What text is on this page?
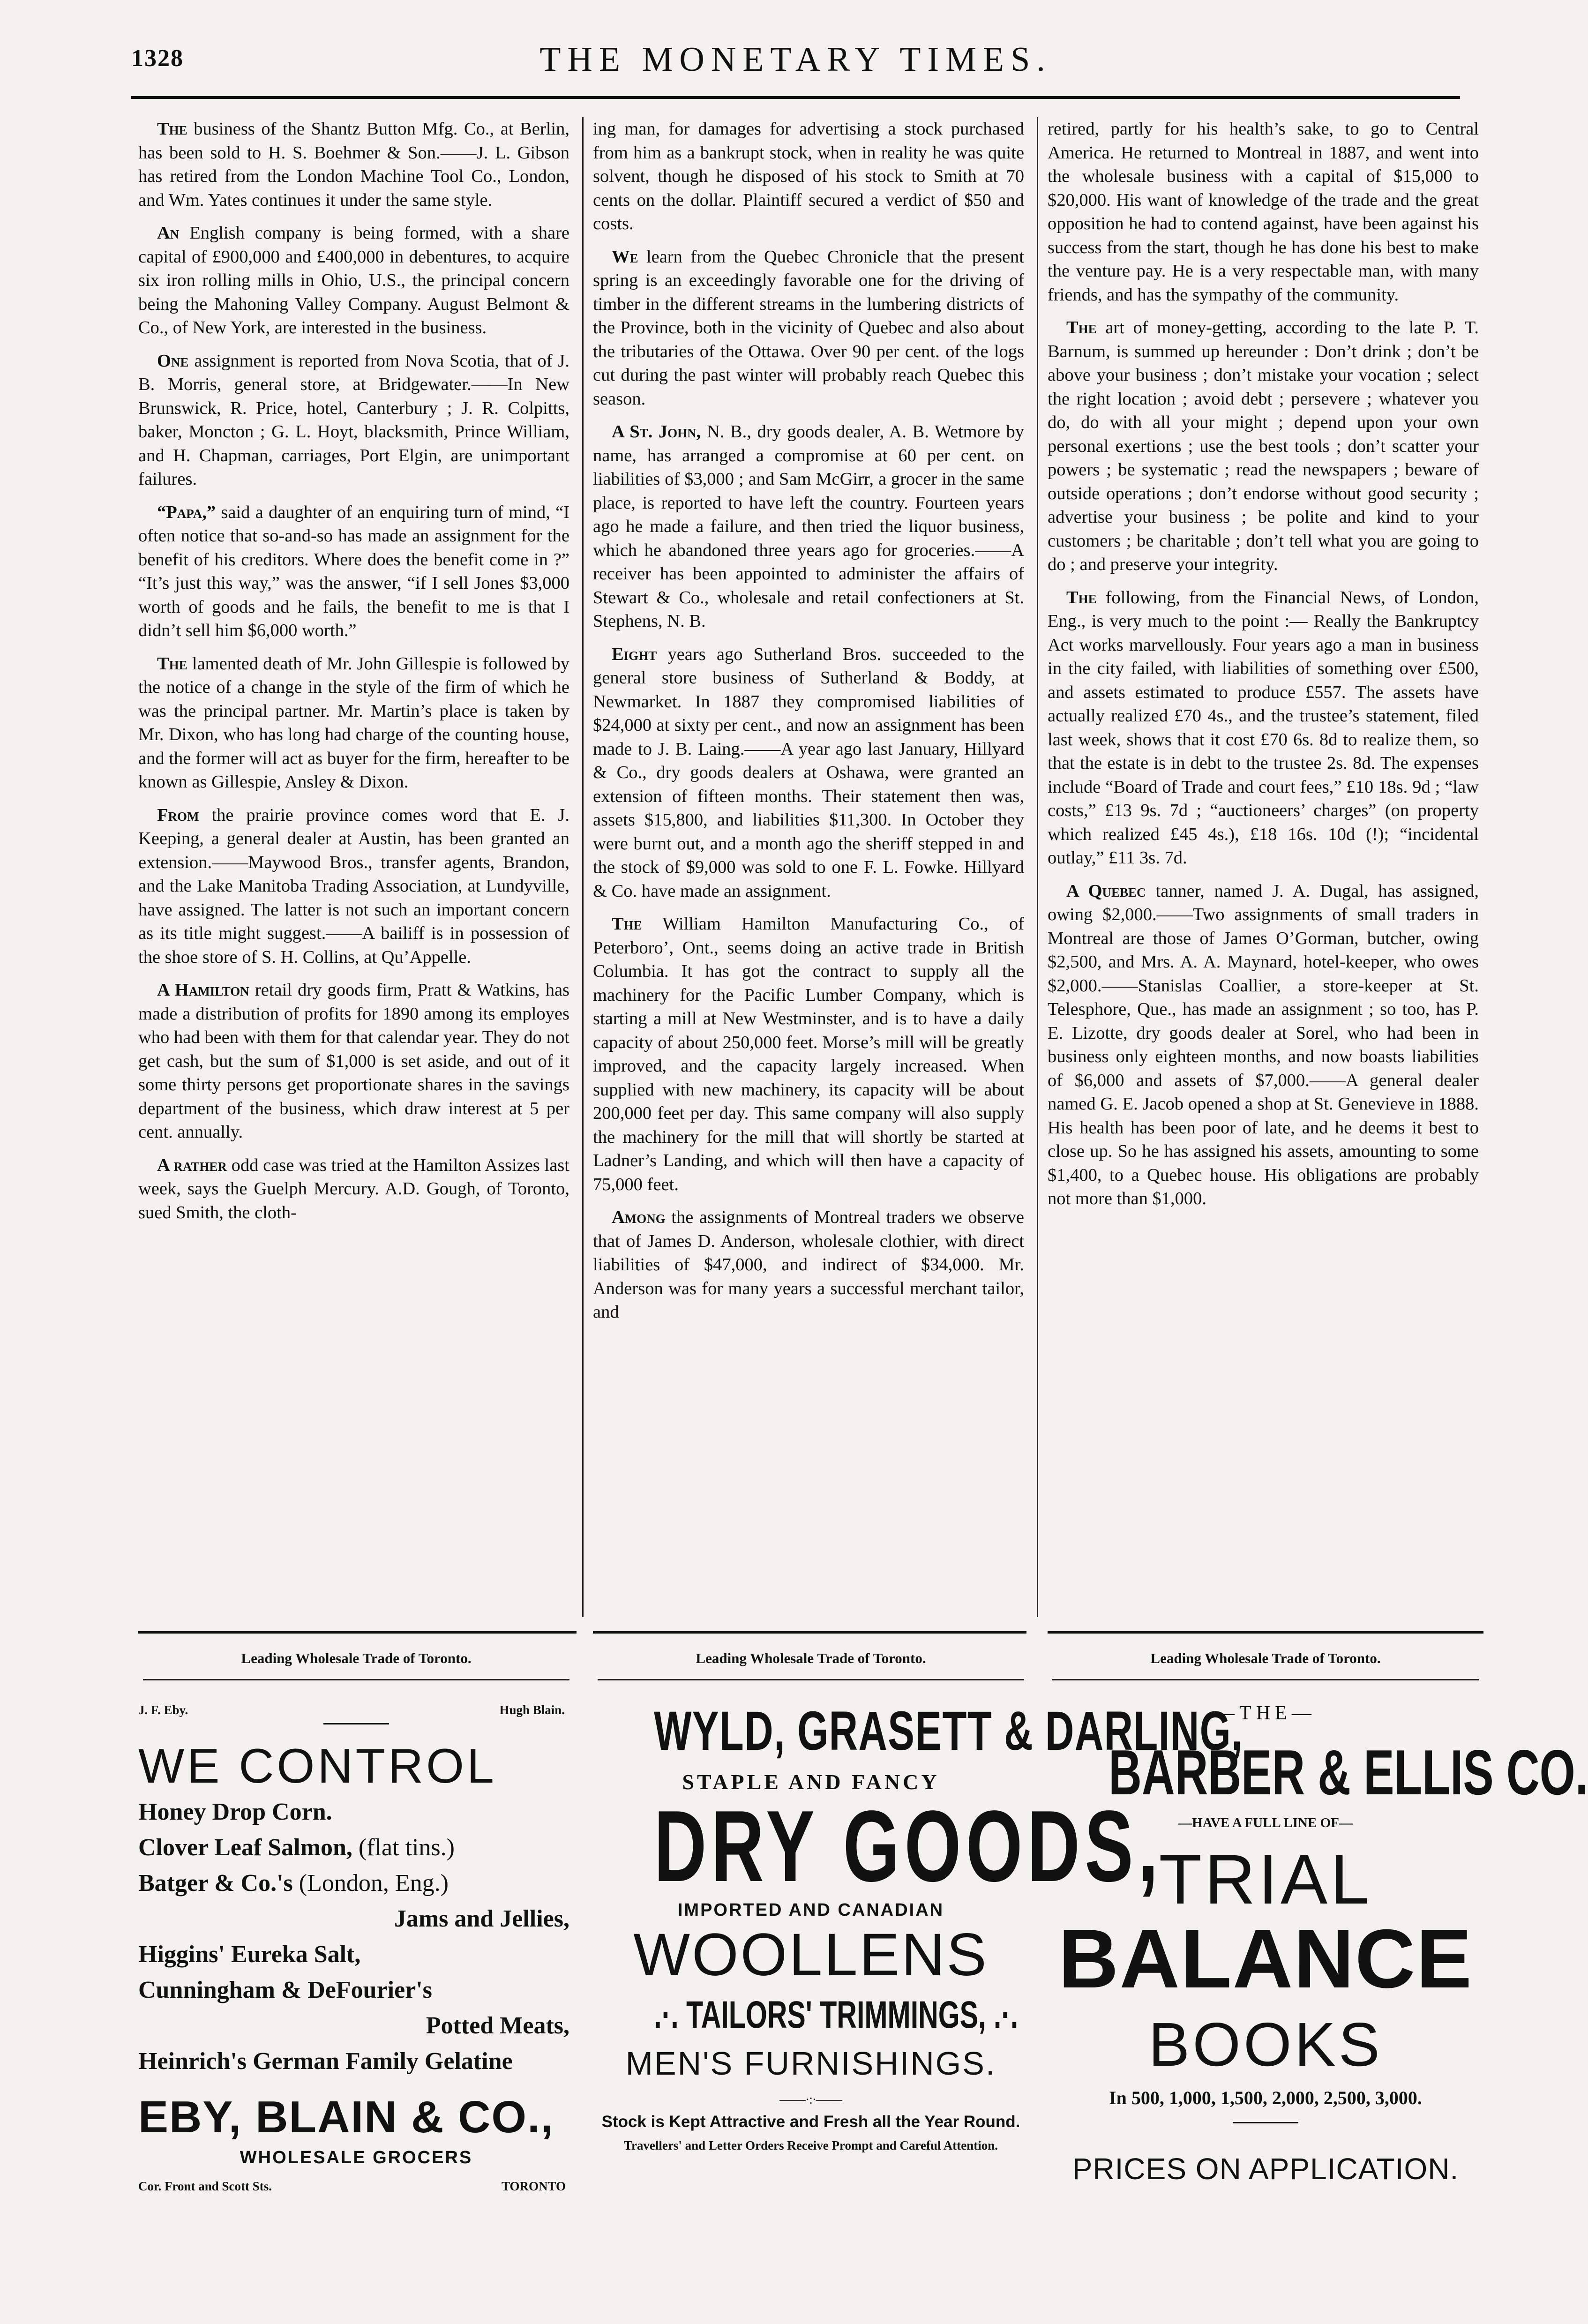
1328	THE MONETARY TIMES.

The business of the Shantz Button Mfg. Co., at Berlin, has been sold to H. S. Boehmer & Son.——J. L. Gibson has retired from the London Machine Tool Co., London, and Wm. Yates continues it under the same style.

An English company is being formed, with a share capital of £900,000 and £400,000 in debentures, to acquire six iron rolling mills in Ohio, U.S., the principal concern being the Mahoning Valley Company. August Belmont & Co., of New York, are interested in the business.

One assignment is reported from Nova Scotia, that of J. B. Morris, general store, at Bridgewater.——In New Brunswick, R. Price, hotel, Canterbury ; J. R. Colpitts, baker, Moncton ; G. L. Hoyt, blacksmith, Prince William, and H. Chapman, carriages, Port Elgin, are unimportant failures.

“Papa,” said a daughter of an enquiring turn of mind, “I often notice that so-and-so has made an assignment for the benefit of his creditors. Where does the benefit come in ?” “It’s just this way,” was the answer, “if I sell Jones $3,000 worth of goods and he fails, the benefit to me is that I didn’t sell him $6,000 worth.”

The lamented death of Mr. John Gillespie is followed by the notice of a change in the style of the firm of which he was the principal partner. Mr. Martin’s place is taken by Mr. Dixon, who has long had charge of the counting house, and the former will act as buyer for the firm, hereafter to be known as Gillespie, Ansley & Dixon.

From the prairie province comes word that E. J. Keeping, a general dealer at Austin, has been granted an extension.——Maywood Bros., transfer agents, Brandon, and the Lake Manitoba Trading Association, at Lundyville, have assigned. The latter is not such an important concern as its title might suggest.——A bailiff is in possession of the shoe store of S. H. Collins, at Qu’Appelle.

A Hamilton retail dry goods firm, Pratt & Watkins, has made a distribution of profits for 1890 among its employes who had been with them for that calendar year. They do not get cash, but the sum of $1,000 is set aside, and out of it some thirty persons get proportionate shares in the savings department of the business, which draw interest at 5 per cent. annually.

A rather odd case was tried at the Hamilton Assizes last week, says the Guelph Mercury. A.D. Gough, of Toronto, sued Smith, the cloth-

ing man, for damages for advertising a stock purchased from him as a bankrupt stock, when in reality he was quite solvent, though he disposed of his stock to Smith at 70 cents on the dollar. Plaintiff secured a verdict of $50 and costs.

We learn from the Quebec Chronicle that the present spring is an exceedingly favorable one for the driving of timber in the different streams in the lumbering districts of the Province, both in the vicinity of Quebec and also about the tributaries of the Ottawa. Over 90 per cent. of the logs cut during the past winter will probably reach Quebec this season.

A St. John, N. B., dry goods dealer, A. B. Wetmore by name, has arranged a compromise at 60 per cent. on liabilities of $3,000 ; and Sam McGirr, a grocer in the same place, is reported to have left the country. Fourteen years ago he made a failure, and then tried the liquor business, which he abandoned three years ago for groceries.——A receiver has been appointed to administer the affairs of Stewart & Co., wholesale and retail confectioners at St. Stephens, N. B.

Eight years ago Sutherland Bros. succeeded to the general store business of Sutherland & Boddy, at Newmarket. In 1887 they compromised liabilities of $24,000 at sixty per cent., and now an assignment has been made to J. B. Laing.——A year ago last January, Hillyard & Co., dry goods dealers at Oshawa, were granted an extension of fifteen months. Their statement then was, assets $15,800, and liabilities $11,300. In October they were burnt out, and a month ago the sheriff stepped in and the stock of $9,000 was sold to one F. L. Fowke. Hillyard & Co. have made an assignment.

The William Hamilton Manufacturing Co., of Peterboro’, Ont., seems doing an active trade in British Columbia. It has got the contract to supply all the machinery for the Pacific Lumber Company, which is starting a mill at New Westminster, and is to have a daily capacity of about 250,000 feet. Morse’s mill will be greatly improved, and the capacity largely increased. When supplied with new machinery, its capacity will be about 200,000 feet per day. This same company will also supply the machinery for the mill that will shortly be started at Ladner’s Landing, and which will then have a capacity of 75,000 feet.

Among the assignments of Montreal traders we observe that of James D. Anderson, wholesale clothier, with direct liabilities of $47,000, and indirect of $34,000. Mr. Anderson was for many years a successful merchant tailor, and

retired, partly for his health’s sake, to go to Central America. He returned to Montreal in 1887, and went into the wholesale business with a capital of $15,000 to $20,000. His want of knowledge of the trade and the great opposition he had to contend against, have been against his success from the start, though he has done his best to make the venture pay. He is a very respectable man, with many friends, and has the sympathy of the community.

The art of money-getting, according to the late P. T. Barnum, is summed up hereunder : Don’t drink ; don’t be above your business ; don’t mistake your vocation ; select the right location ; avoid debt ; persevere ; whatever you do, do with all your might ; depend upon your own personal exertions ; use the best tools ; don’t scatter your powers ; be systematic ; read the newspapers ; beware of outside operations ; don’t endorse without good security ; advertise your business ; be polite and kind to your customers ; be charitable ; don’t tell what you are going to do ; and preserve your integrity.

The following, from the Financial News, of London, Eng., is very much to the point :— Really the Bankruptcy Act works marvellously. Four years ago a man in business in the city failed, with liabilities of something over £500, and assets estimated to produce £557. The assets have actually realized £70 4s., and the trustee’s statement, filed last week, shows that it cost £70 6s. 8d to realize them, so that the estate is in debt to the trustee 2s. 8d. The expenses include “Board of Trade and court fees,” £10 18s. 9d ; “law costs,” £13 9s. 7d ; “auctioneers’ charges” (on property which realized £45 4s.), £18 16s. 10d (!); “incidental outlay,” £11 3s. 7d.

A Quebec tanner, named J. A. Dugal, has assigned, owing $2,000.——Two assignments of small traders in Montreal are those of James O’Gorman, butcher, owing $2,500, and Mrs. A. A. Maynard, hotel-keeper, who owes $2,000.——Stanislas Coallier, a store-keeper at St. Telesphore, Que., has made an assignment ; so too, has P. E. Lizotte, dry goods dealer at Sorel, who had been in business only eighteen months, and now boasts liabilities of $6,000 and assets of $7,000.——A general dealer named G. E. Jacob opened a shop at St. Genevieve in 1888. His health has been poor of late, and he deems it best to close up. So he has assigned his assets, amounting to some $1,400, to a Quebec house. His obligations are probably not more than $1,000.

Leading Wholesale Trade of Toronto.
J. F. Eby.	Hugh Blain.
WE CONTROL
Honey Drop Corn.
Clover Leaf Salmon, (flat tins.)
Batger & Co.'s (London, Eng.)
Jams and Jellies,
Higgins' Eureka Salt,
Cunningham & DeFourier's
Potted Meats,
Heinrich's German Family Gelatine
EBY, BLAIN & CO.,
WHOLESALE GROCERS
Cor. Front and Scott Sts.	TORONTO
Leading Wholesale Trade of Toronto.
WYLD, GRASETT & DARLING,
STAPLE AND FANCY
DRY GOODS,
IMPORTED AND CANADIAN
WOOLLENS
.·. TAILORS' TRIMMINGS, .·.
MEN'S FURNISHINGS.
——∙:∙——
Stock is Kept Attractive and Fresh all the Year Round.
Travellers' and Letter Orders Receive Prompt and Careful Attention.
Leading Wholesale Trade of Toronto.
—THE—
BARBER & ELLIS CO.
—HAVE A FULL LINE OF—
TRIAL
BALANCE
BOOKS
In 500, 1,000, 1,500, 2,000, 2,500, 3,000.
PRICES ON APPLICATION.
